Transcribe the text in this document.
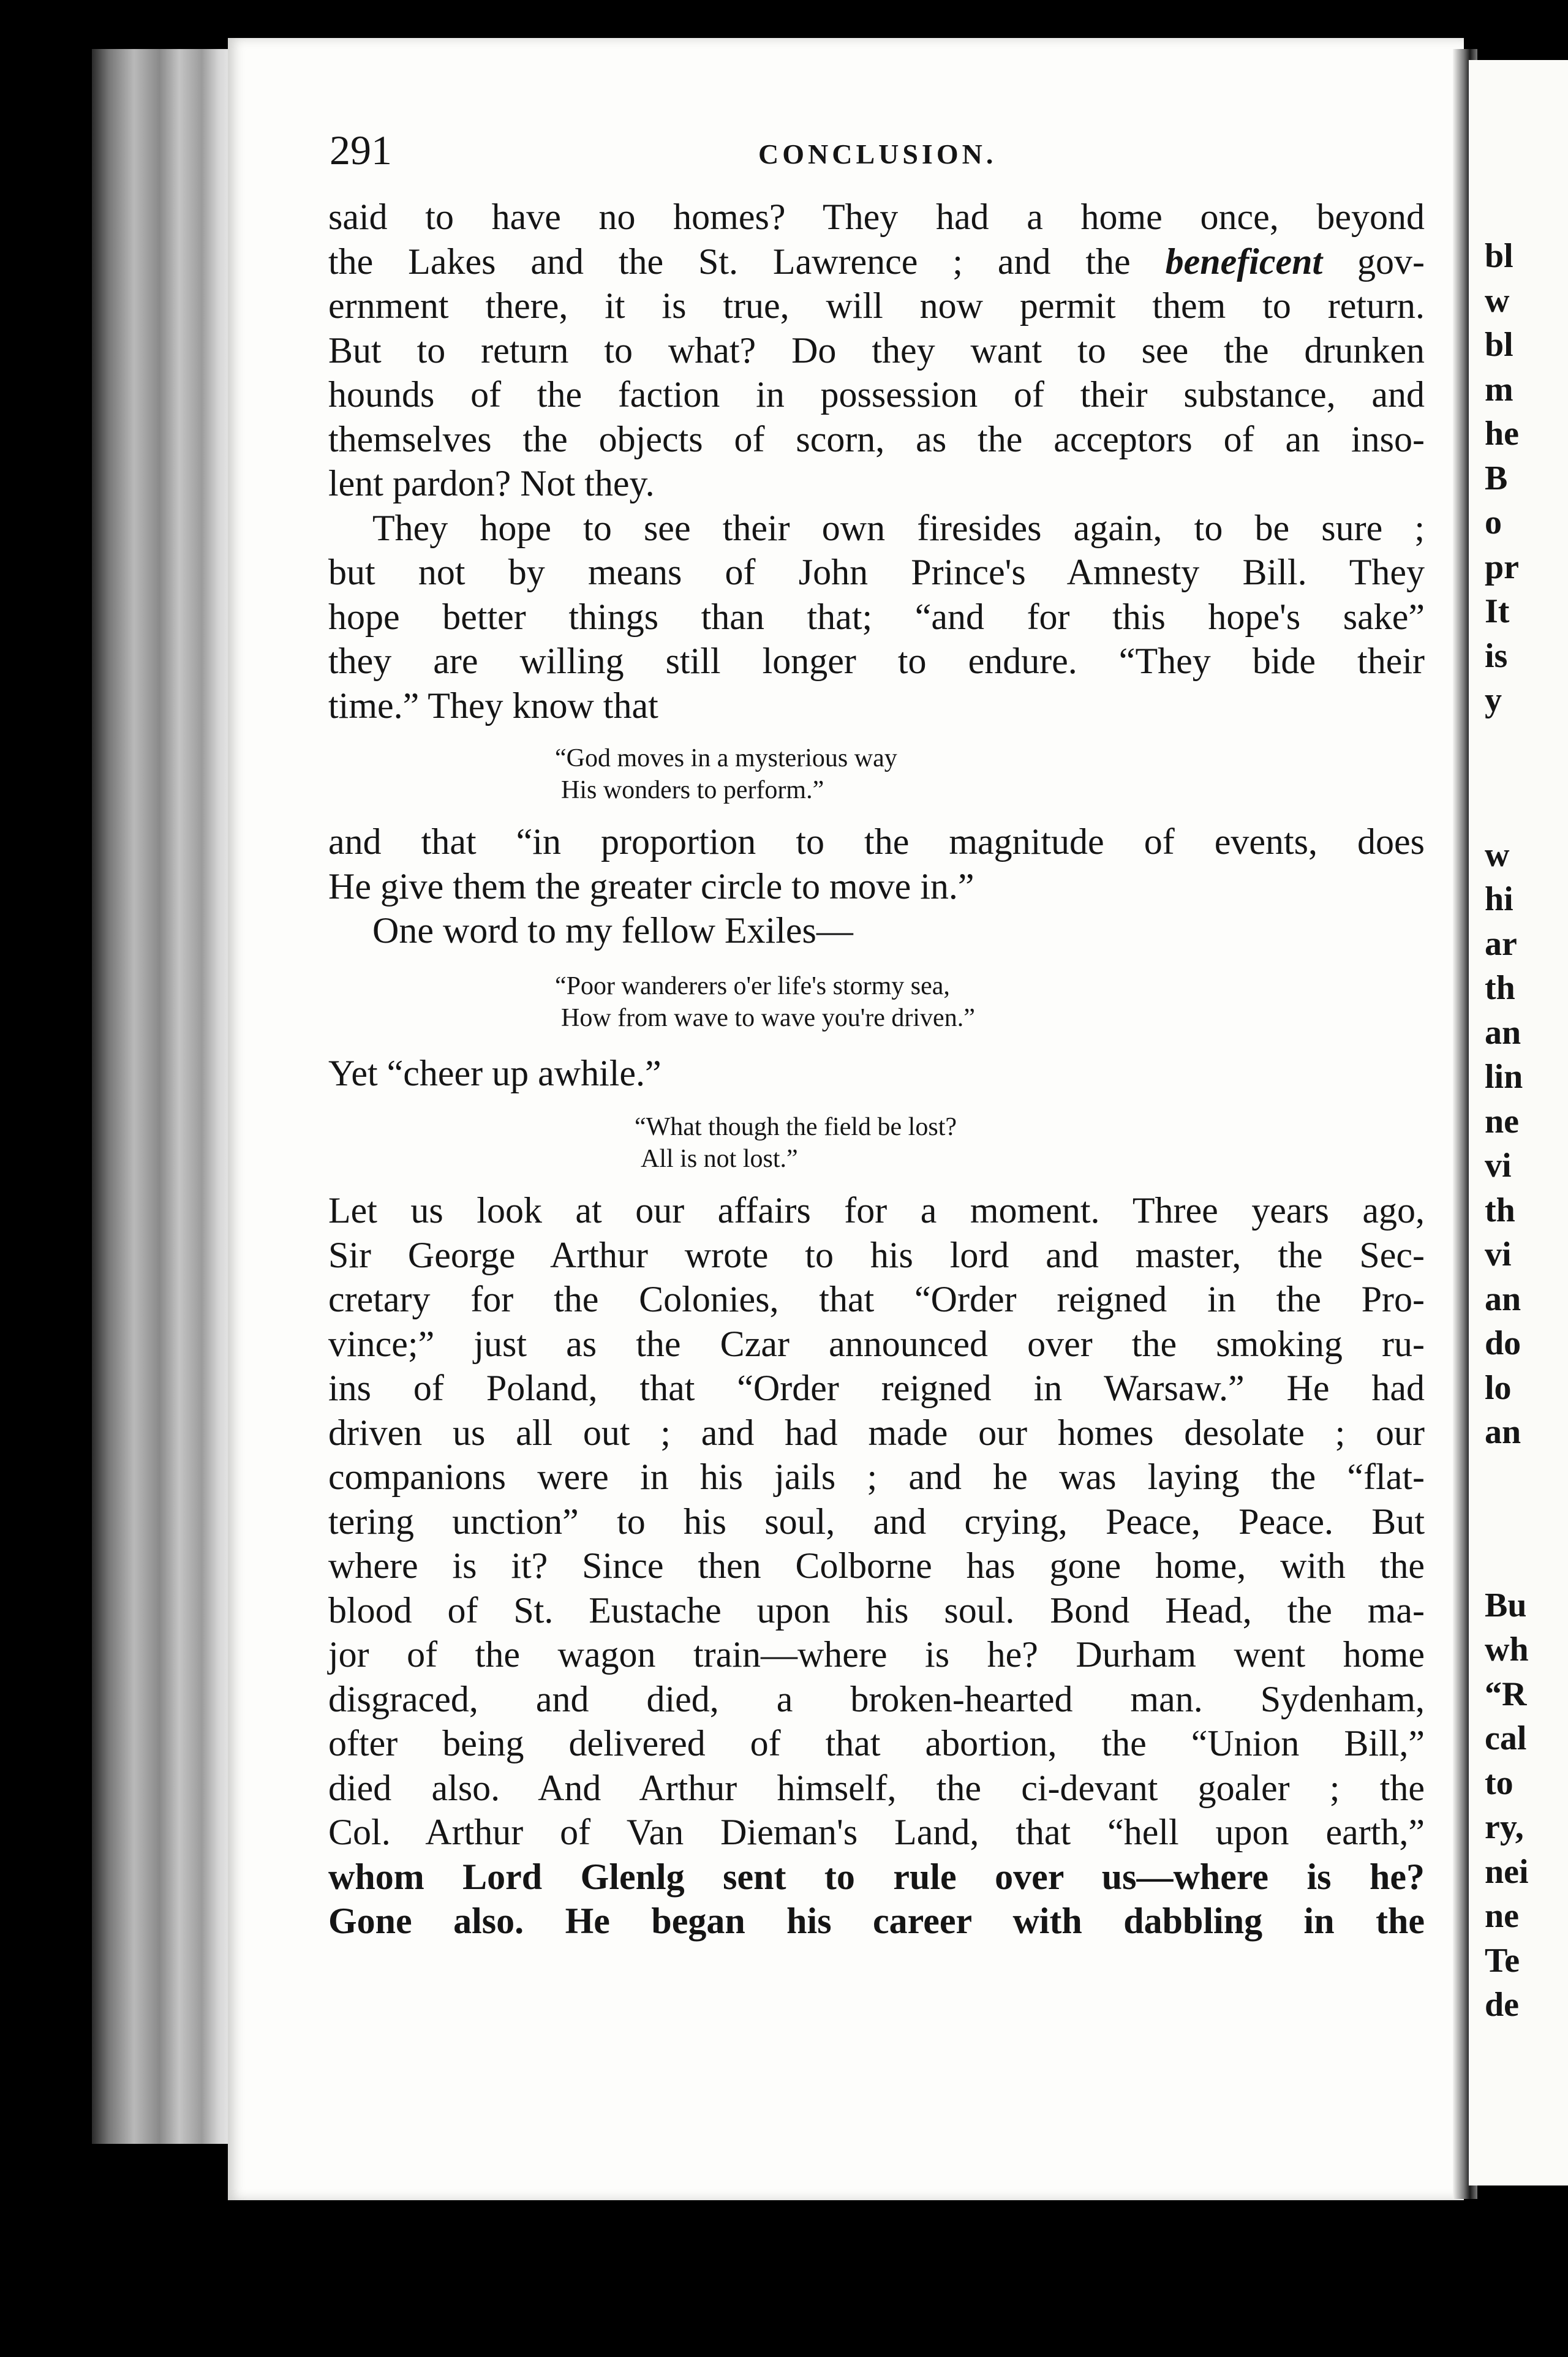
bl
w
bl
m
he
B
o
pr
It
is
y
w
hi
ar
th
an
lin
ne
vi
th
vi
an
do
lo
an
Bu
wh
“R
cal
to
ry,
nei
ne
Te
de
291	CONCLUSION.
said to have no homes? They had a home once, beyond
the Lakes and the St. Lawrence ; and the beneficent gov-
ernment there, it is true, will now permit them to return.
But to return to what? Do they want to see the drunken
hounds of the faction in possession of their substance, and
themselves the objects of scorn, as the acceptors of an inso-
lent pardon? Not they.
They hope to see their own firesides again, to be sure ;
but not by means of John Prince's Amnesty Bill. They
hope better things than that; “and for this hope's sake”
they are willing still longer to endure. “They bide their
time.” They know that
“God moves in a mysterious way
His wonders to perform.”
and that “in proportion to the magnitude of events, does
He give them the greater circle to move in.”
One word to my fellow Exiles—
“Poor wanderers o'er life's stormy sea,
How from wave to wave you're driven.”
Yet “cheer up awhile.”
“What though the field be lost?
All is not lost.”
Let us look at our affairs for a moment. Three years ago,
Sir George Arthur wrote to his lord and master, the Sec-
cretary for the Colonies, that “Order reigned in the Pro-
vince;” just as the Czar announced over the smoking ru-
ins of Poland, that “Order reigned in Warsaw.” He had
driven us all out ; and had made our homes desolate ; our
companions were in his jails ; and he was laying the “flat-
tering unction” to his soul, and crying, Peace, Peace. But
where is it? Since then Colborne has gone home, with the
blood of St. Eustache upon his soul. Bond Head, the ma-
jor of the wagon train—where is he? Durham went home
disgraced, and died, a broken-hearted man. Sydenham,
ofter being delivered of that abortion, the “Union Bill,”
died also. And Arthur himself, the ci-devant goaler ; the
Col. Arthur of Van Dieman's Land, that “hell upon earth,”
whom Lord Glenlg sent to rule over us—where is he?
Gone also. He began his career with dabbling in the
